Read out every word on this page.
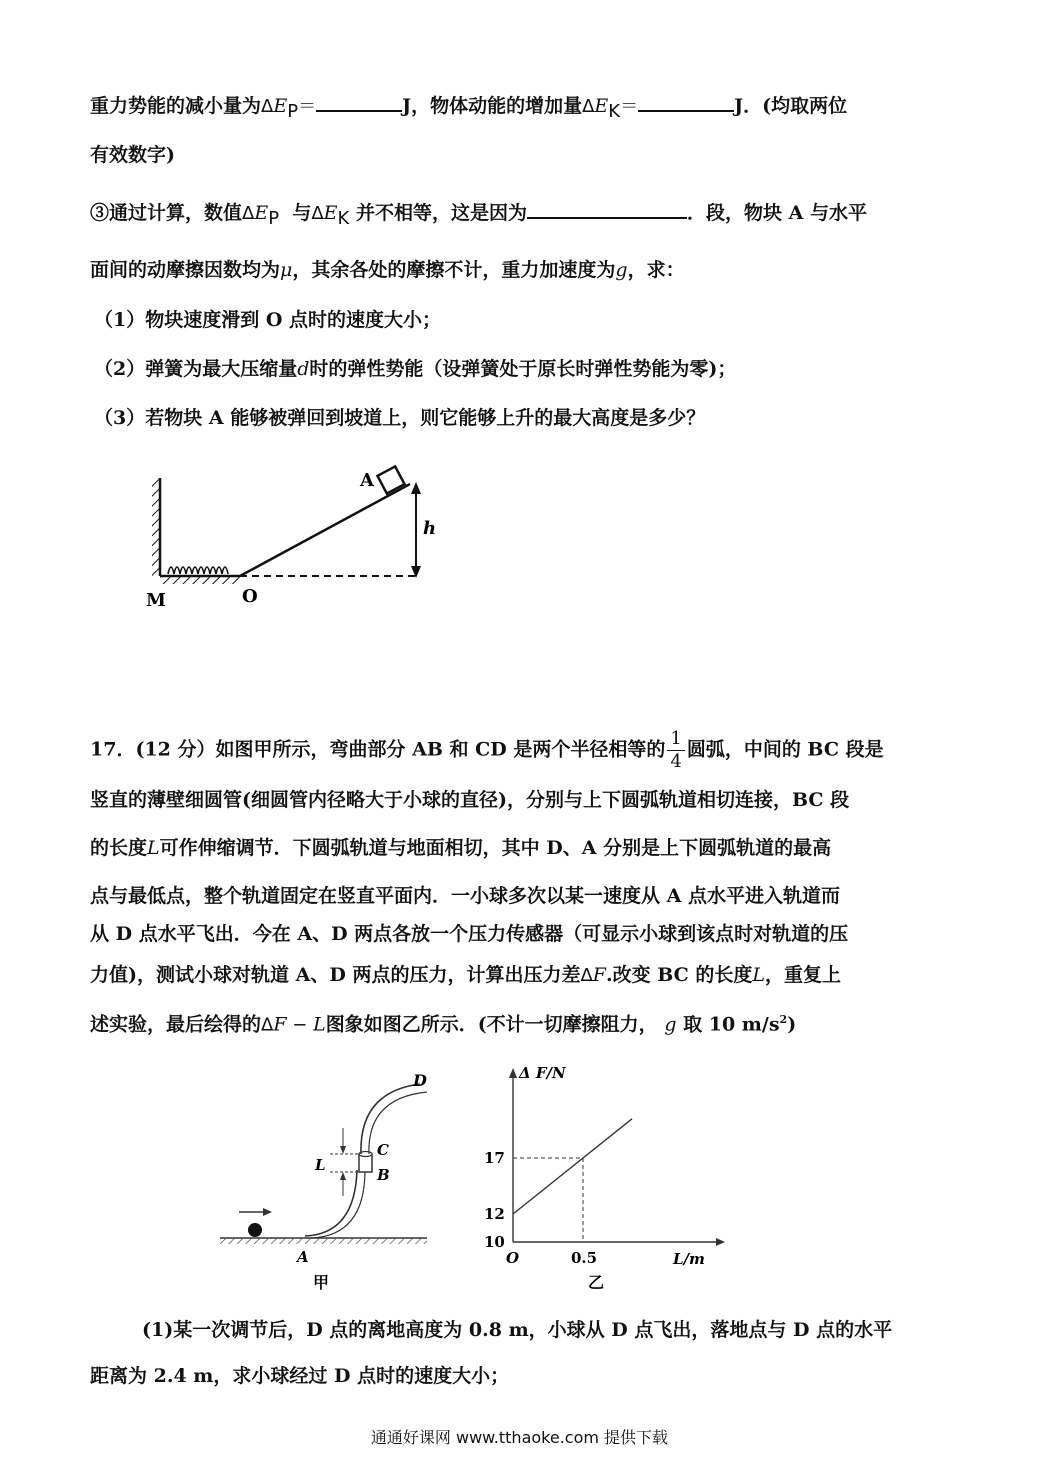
重力势能的减小量为$\Delta E_P=$	J，物体动能的增加量$\Delta E_K=$	J．(均取两位
有效数字)
③通过计算，数值$\Delta E_P$ 与$\Delta E_K$ 并不相等，这是因为	．段，物块 A 与水平
面间的动摩擦因数均为μ，其余各处的摩擦不计，重力加速度为g，求：
（1）物块速度滑到 O 点时的速度大小；
（2）弹簧为最大压缩量d时的弹性势能（设弹簧处于原长时弹性势能为零)；
（3）若物块 A 能够被弹回到坡道上，则它能够上升的最大高度是多少？
A
h
M	O
17．(12 分）如图甲所示，弯曲部分 AB 和 CD 是两个半径相等的 $\frac{1}{4}$ 圆弧，中间的 BC 段是
竖直的薄壁细圆管(细圆管内径略大于小球的直径)，分别与上下圆弧轨道相切连接，BC 段
的长度L可作伸缩调节．下圆弧轨道与地面相切，其中 D、A 分别是上下圆弧轨道的最高
点与最低点，整个轨道固定在竖直平面内．一小球多次以某一速度从 A 点水平进入轨道而
从 D 点水平飞出．今在 A、D 两点各放一个压力传感器（可显示小球到该点时对轨道的压
力值)，测试小球对轨道 A、D 两点的压力，计算出压力差ΔF.改变 BC 的长度L，重复上
述实验，最后绘得的ΔF − L图象如图乙所示．(不计一切摩擦阻力， g 取 10 $m/s^2$)
D
C
B
L
A
甲
Δ F/N
L/m
O
17
12
10
0.5
乙
(1)某一次调节后，D 点的离地高度为 0.8 m，小球从 D 点飞出，落地点与 D 点的水平
距离为 2.4 m，求小球经过 D 点时的速度大小；
通通好课网 www.tthaoke.com 提供下载
